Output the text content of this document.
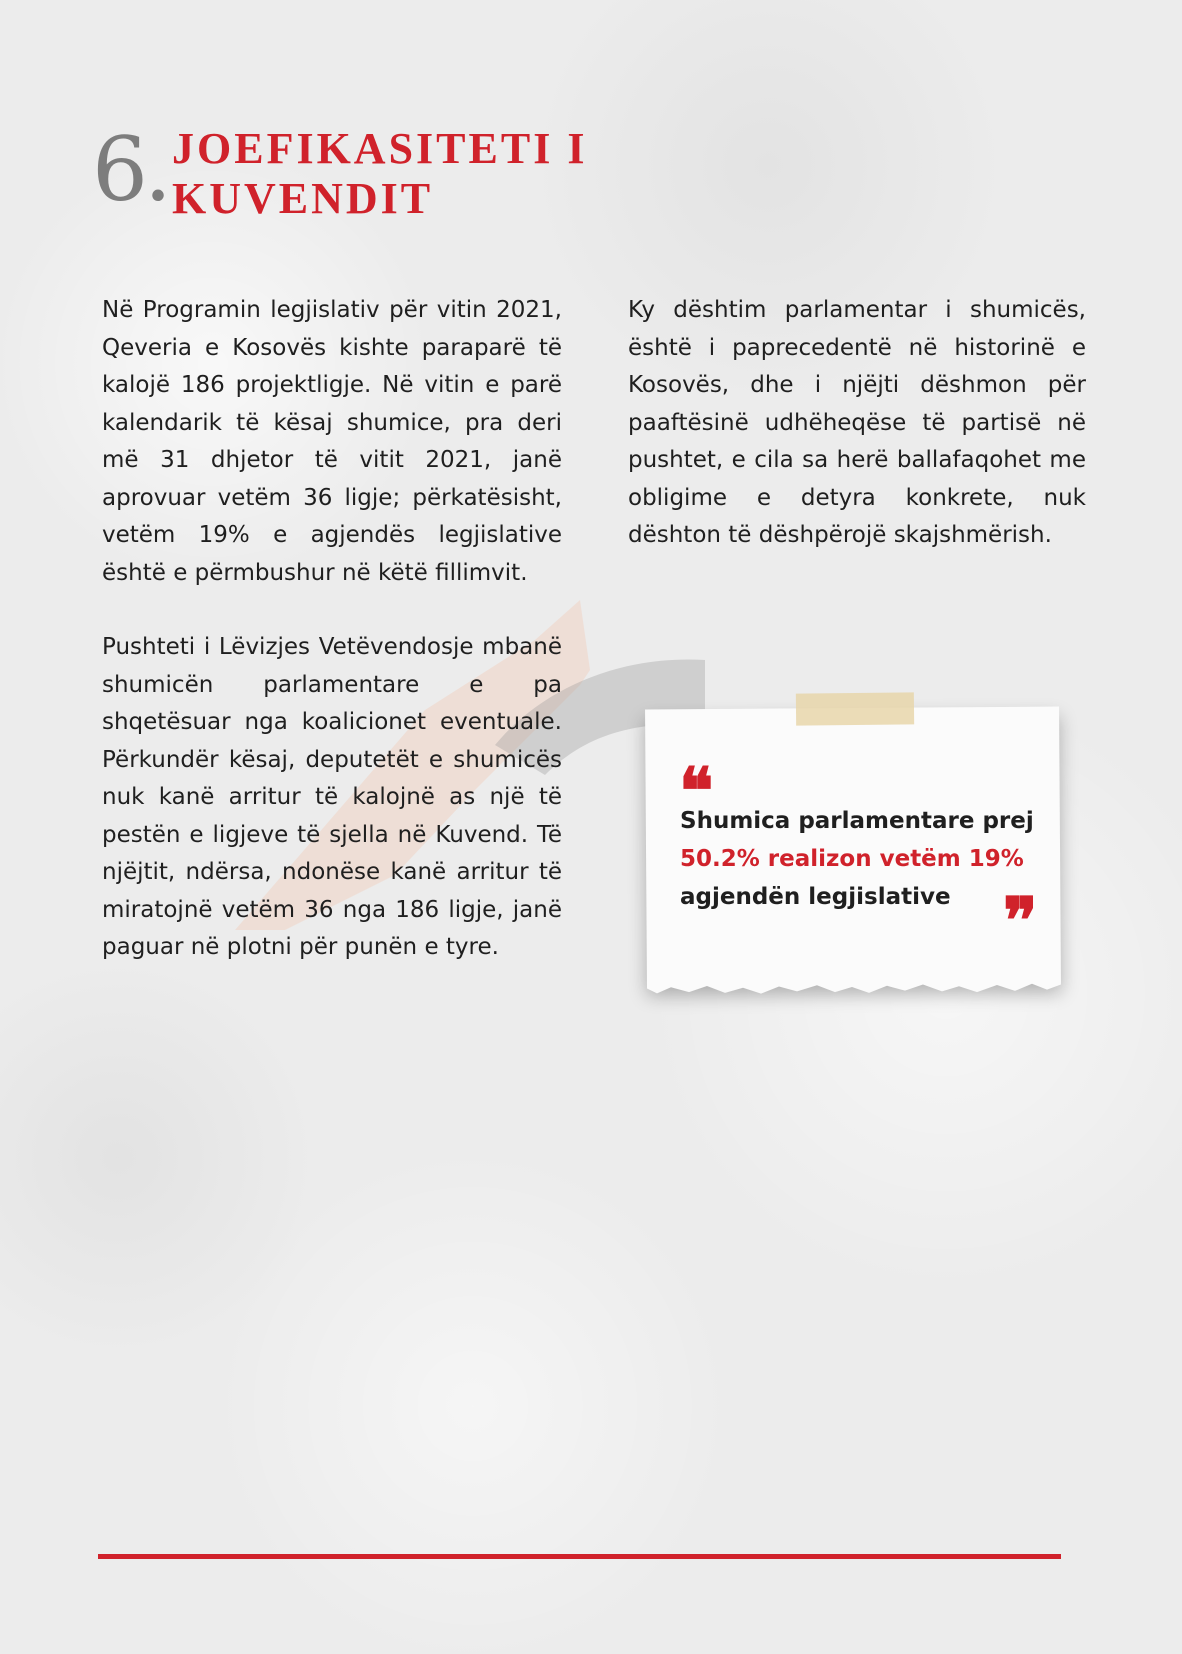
6. JOEFIKASITETI I
KUVENDIT

Në Programin legjislativ për vitin 2021, Qeveria e Kosovës kishte paraparë të kalojë 186 projektligje. Në vitin e parë kalendarik të kësaj shumice, pra deri më 31 dhjetor të vitit 2021, janë aprovuar vetëm 36 ligje; përkatësisht, vetëm 19% e agjendës legjislative është e përmbushur në këtë fillimvit.

Pushteti i Lëvizjes Vetëvendosje mbanë shumicën parlamentare e pa shqetësuar nga koalicionet eventuale. Përkundër kësaj, deputetët e shumicës nuk kanë arritur të kalojnë as një të pestën e ligjeve të sjella në Kuvend. Të njëjtit, ndërsa, ndonëse kanë arritur të miratojnë vetëm 36 nga 186 ligje, janë paguar në plotni për punën e tyre.

Ky dështim parlamentar i shumicës, është i paprecedentë në historinë e Kosovës, dhe i njëjti dëshmon për paaftësinë udhëheqëse të partisë në pushtet, e cila sa herë ballafaqohet me obligime e detyra konkrete, nuk dështon të dëshpërojë skajshmërish.

❝
Shumica parlamentare prej
50.2% realizon vetëm 19%
agjendën legjislative ❞
